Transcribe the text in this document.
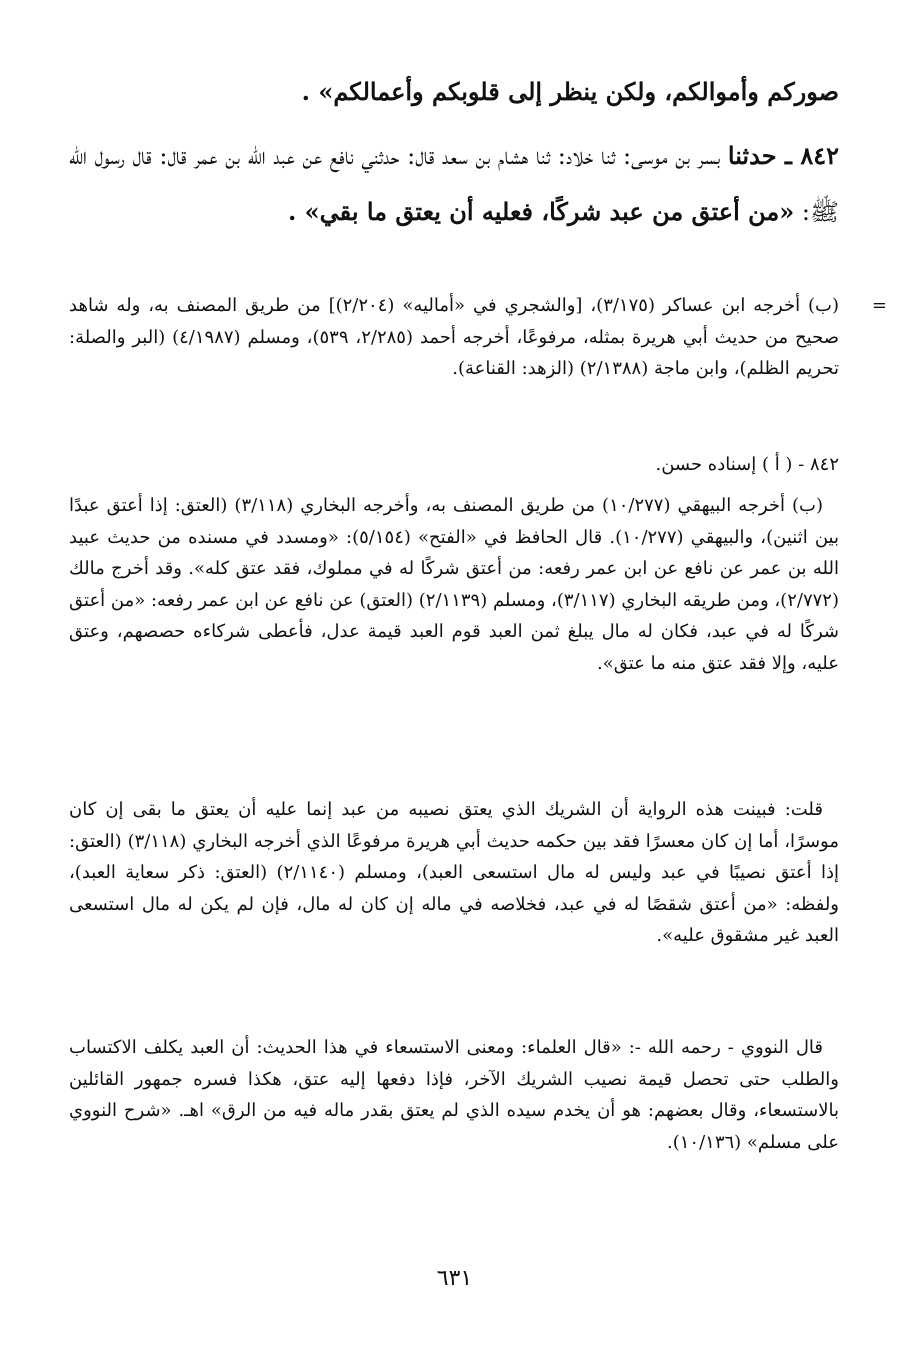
صوركم وأموالكم، ولكن ينظر إلى قلوبكم وأعمالكم» .
٨٤٢ ـ حدثنا بسر بن موسى: ثنا خلاد: ثنا هشام بن سعد قال: حدثني نافع عن عبد الله بن عمر قال: قال رسول الله ﷺ: «من أعتق من عبد شركًا، فعليه أن يعتق ما بقي» .
=
(ب) أخرجه ابن عساكر (٣/١٧٥)، [والشجري في «أماليه» (٢/٢٠٤)] من طريق المصنف به، وله شاهد صحيح من حديث أبي هريرة بمثله، مرفوعًا، أخرجه أحمد (٢/٢٨٥، ٥٣٩)، ومسلم (٤/١٩٨٧) (البر والصلة: تحريم الظلم)، وابن ماجة (٢/١٣٨٨) (الزهد: القناعة).
٨٤٢ - ( أ ) إسناده حسن.
(ب) أخرجه البيهقي (١٠/٢٧٧) من طريق المصنف به، وأخرجه البخاري (٣/١١٨) (العتق: إذا أعتق عبدًا بين اثنين)، والبيهقي (١٠/٢٧٧). قال الحافظ في «الفتح» (٥/١٥٤): «ومسدد في مسنده من حديث عبيد الله بن عمر عن نافع عن ابن عمر رفعه: من أعتق شركًا له في مملوك، فقد عتق كله». وقد أخرج مالك (٢/٧٧٢)، ومن طريقه البخاري (٣/١١٧)، ومسلم (٢/١١٣٩) (العتق) عن نافع عن ابن عمر رفعه: «من أعتق شركًا له في عبد، فكان له مال يبلغ ثمن العبد قوم العبد قيمة عدل، فأعطى شركاءه حصصهم، وعتق عليه، وإلا فقد عتق منه ما عتق».
قلت: فبينت هذه الرواية أن الشريك الذي يعتق نصيبه من عبد إنما عليه أن يعتق ما بقى إن كان موسرًا، أما إن كان معسرًا فقد بين حكمه حديث أبي هريرة مرفوعًا الذي أخرجه البخاري (٣/١١٨) (العتق: إذا أعتق نصيبًا في عبد وليس له مال استسعى العبد)، ومسلم (٢/١١٤٠) (العتق: ذكر سعاية العبد)، ولفظه: «من أعتق شقصًا له في عبد، فخلاصه في ماله إن كان له مال، فإن لم يكن له مال استسعى العبد غير مشقوق عليه».
قال النووي - رحمه الله -: «قال العلماء: ومعنى الاستسعاء في هذا الحديث: أن العبد يكلف الاكتساب والطلب حتى تحصل قيمة نصيب الشريك الآخر، فإذا دفعها إليه عتق، هكذا فسره جمهور القائلين بالاستسعاء، وقال بعضهم: هو أن يخدم سيده الذي لم يعتق بقدر ماله فيه من الرق» اهـ. «شرح النووي على مسلم» (١٠/١٣٦).
٦٣١
